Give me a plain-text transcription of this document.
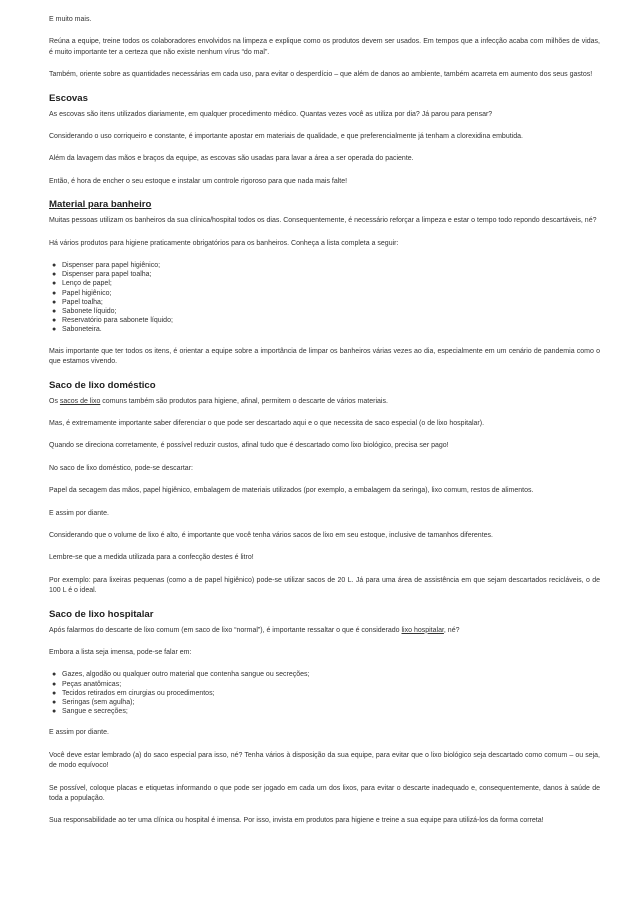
E muito mais.

Reúna a equipe, treine todos os colaboradores envolvidos na limpeza e explique como os produtos devem ser usados. Em tempos que a infecção acaba com milhões de vidas, é muito importante ter a certeza que não existe nenhum vírus “do mal”.

Também, oriente sobre as quantidades necessárias em cada uso, para evitar o desperdício – que além de danos ao ambiente, também acarreta em aumento dos seus gastos!

Escovas

As escovas são itens utilizados diariamente, em qualquer procedimento médico. Quantas vezes você as utiliza por dia? Já parou para pensar?

Considerando o uso corriqueiro e constante, é importante apostar em materiais de qualidade, e que preferencialmente já tenham a clorexidina embutida.

Além da lavagem das mãos e braços da equipe, as escovas são usadas para lavar a área a ser operada do paciente.

Então, é hora de encher o seu estoque e instalar um controle rigoroso para que nada mais falte!

Material para banheiro

Muitas pessoas utilizam os banheiros da sua clínica/hospital todos os dias. Consequentemente, é necessário reforçar a limpeza e estar o tempo todo repondo descartáveis, né?

Há vários produtos para higiene praticamente obrigatórios para os banheiros. Conheça a lista completa a seguir:

● Dispenser para papel higiênico;
● Dispenser para papel toalha;
● Lenço de papel;
● Papel higiênico;
● Papel toalha;
● Sabonete líquido;
● Reservatório para sabonete líquido;
● Saboneteira.

Mais importante que ter todos os itens, é orientar a equipe sobre a importância de limpar os banheiros várias vezes ao dia, especialmente em um cenário de pandemia como o que estamos vivendo.

Saco de lixo doméstico

Os sacos de lixo comuns também são produtos para higiene, afinal, permitem o descarte de vários materiais.

Mas, é extremamente importante saber diferenciar o que pode ser descartado aqui e o que necessita de saco especial (o de lixo hospitalar).

Quando se direciona corretamente, é possível reduzir custos, afinal tudo que é descartado como lixo biológico, precisa ser pago!

No saco de lixo doméstico, pode-se descartar:

Papel da secagem das mãos, papel higiênico, embalagem de materiais utilizados (por exemplo, a embalagem da seringa), lixo comum, restos de alimentos.

E assim por diante.

Considerando que o volume de lixo é alto, é importante que você tenha vários sacos de lixo em seu estoque, inclusive de tamanhos diferentes.

Lembre-se que a medida utilizada para a confecção destes é litro!

Por exemplo: para lixeiras pequenas (como a de papel higiênico) pode-se utilizar sacos de 20 L. Já para uma área de assistência em que sejam descartados recicláveis, o de 100 L é o ideal.

Saco de lixo hospitalar

Após falarmos do descarte de lixo comum (em saco de lixo “normal”), é importante ressaltar o que é considerado lixo hospitalar, né?

Embora a lista seja imensa, pode-se falar em:

● Gazes, algodão ou qualquer outro material que contenha sangue ou secreções;
● Peças anatômicas;
● Tecidos retirados em cirurgias ou procedimentos;
● Seringas (sem agulha);
● Sangue e secreções;

E assim por diante.

Você deve estar lembrado (a) do saco especial para isso, né? Tenha vários à disposição da sua equipe, para evitar que o lixo biológico seja descartado como comum – ou seja, de modo equívoco!

Se possível, coloque placas e etiquetas informando o que pode ser jogado em cada um dos lixos, para evitar o descarte inadequado e, consequentemente, danos à saúde de toda a população.

Sua responsabilidade ao ter uma clínica ou hospital é imensa. Por isso, invista em produtos para higiene e treine a sua equipe para utilizá-los da forma correta!
